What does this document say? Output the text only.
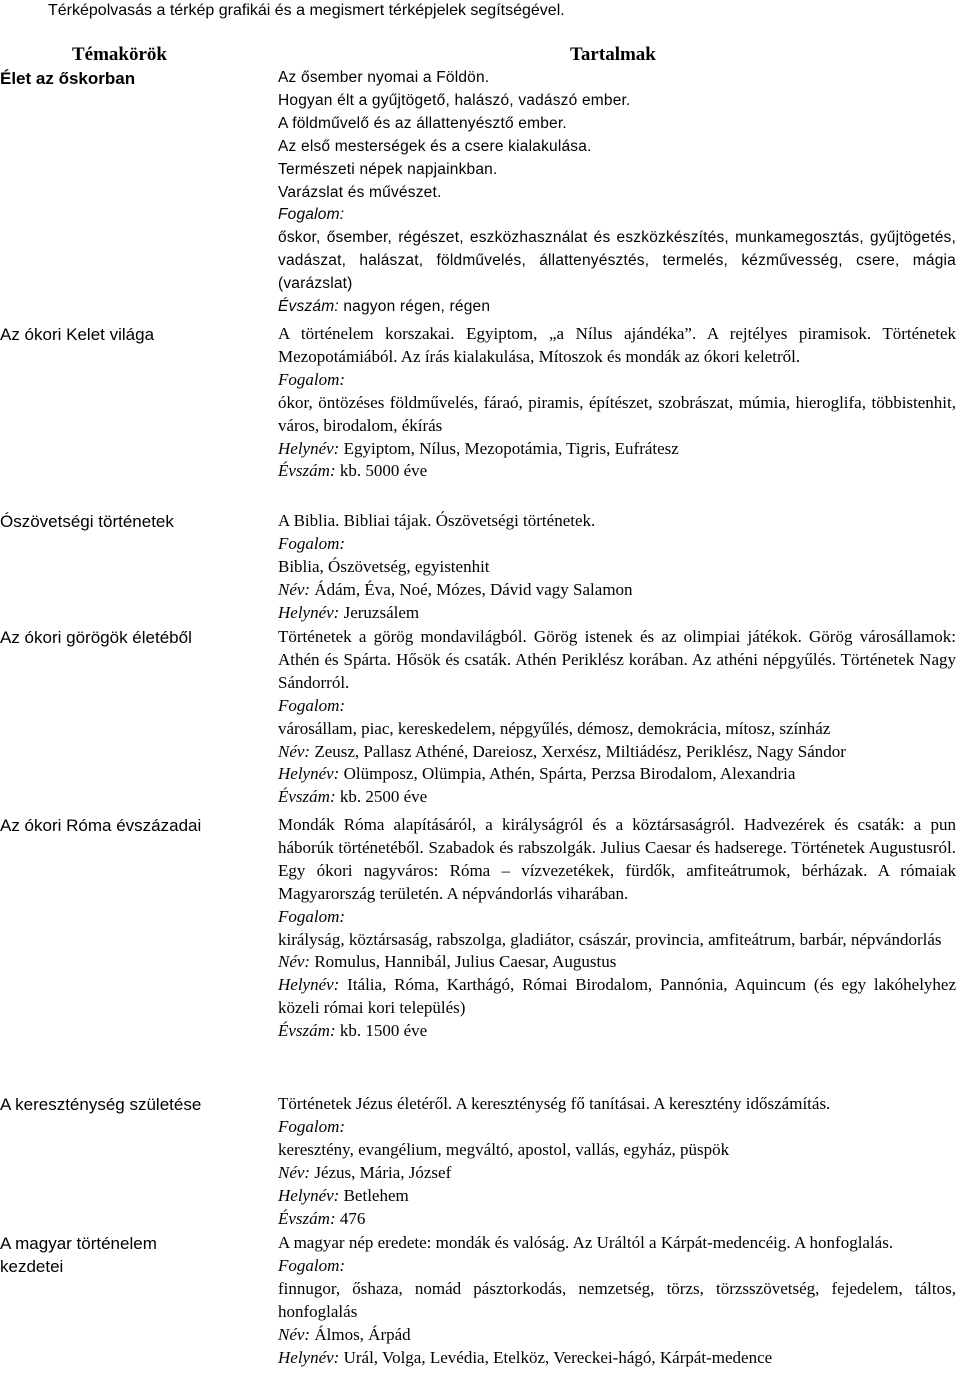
Térképolvasás a térkép grafikái és a megismert térképjelek segítségével.
Témakörök	Tartalmak
Élet az őskorban
Az ókori Kelet világa
Ószövetségi történetek
Az ókori görögök életéből
Az ókori Róma évszázadai
A kereszténység születése
A magyar történelem
kezdetei
Az ősember nyomai a Földön.
Hogyan élt a gyűjtögető, halászó, vadászó ember.
A földművelő és az állattenyésztő ember.
Az első mesterségek és a csere kialakulása.
Természeti népek napjainkban.
Varázslat és művészet.
Fogalom:
őskor, ősember, régészet, eszközhasználat és eszközkészítés, munkamegosztás, gyűjtögetés, vadászat, halászat, földművelés, állattenyésztés, termelés, kézművesség, csere, mágia (varázslat)
Évszám: nagyon régen, régen
A történelem korszakai. Egyiptom, „a Nílus ajándéka”. A rejtélyes piramisok. Történetek Mezopotámiából. Az írás kialakulása, Mítoszok és mondák az ókori keletről.
Fogalom:
ókor, öntözéses földművelés, fáraó, piramis, építészet, szobrászat, múmia, hieroglifa, többistenhit, város, birodalom, ékírás
Helynév: Egyiptom, Nílus, Mezopotámia, Tigris, Eufrátesz
Évszám: kb. 5000 éve
A Biblia. Bibliai tájak. Ószövetségi történetek.
Fogalom:
Biblia, Ószövetség, egyistenhit
Név: Ádám, Éva, Noé, Mózes, Dávid vagy Salamon
Helynév: Jeruzsálem
Történetek a görög mondavilágból. Görög istenek és az olimpiai játékok. Görög városállamok: Athén és Spárta. Hősök és csaták. Athén Periklész korában. Az athéni népgyűlés. Történetek Nagy Sándorról.
Fogalom:
városállam, piac, kereskedelem, népgyűlés, démosz, demokrácia, mítosz, színház
Név: Zeusz, Pallasz Athéné, Dareiosz, Xerxész, Miltiádész, Periklész, Nagy Sándor
Helynév: Olümposz, Olümpia, Athén, Spárta, Perzsa Birodalom, Alexandria
Évszám: kb. 2500 éve
Mondák Róma alapításáról, a királyságról és a köztársaságról. Hadvezérek és csaták: a pun háborúk történetéből. Szabadok és rabszolgák. Julius Caesar és hadserege. Történetek Augustusról. Egy ókori nagyváros: Róma – vízvezetékek, fürdők, amfiteátrumok, bérházak. A rómaiak Magyarország területén. A népvándorlás viharában.
Fogalom:
királyság, köztársaság, rabszolga, gladiátor, császár, provincia, amfiteátrum, barbár, népvándorlás
Név: Romulus, Hannibál, Julius Caesar, Augustus
Helynév: Itália, Róma, Karthágó, Római Birodalom, Pannónia, Aquincum (és egy lakóhelyhez közeli római kori település)
Évszám: kb. 1500 éve
Történetek Jézus életéről. A kereszténység fő tanításai. A keresztény időszámítás.
Fogalom:
keresztény, evangélium, megváltó, apostol, vallás, egyház, püspök
Név: Jézus, Mária, József
Helynév: Betlehem
Évszám: 476
A magyar nép eredete: mondák és valóság. Az Uráltól a Kárpát-medencéig. A honfoglalás.
Fogalom:
finnugor, őshaza, nomád pásztorkodás, nemzetség, törzs, törzsszövetség, fejedelem, táltos, honfoglalás
Név: Álmos, Árpád
Helynév: Urál, Volga, Levédia, Etelköz, Vereckei-hágó, Kárpát-medence
